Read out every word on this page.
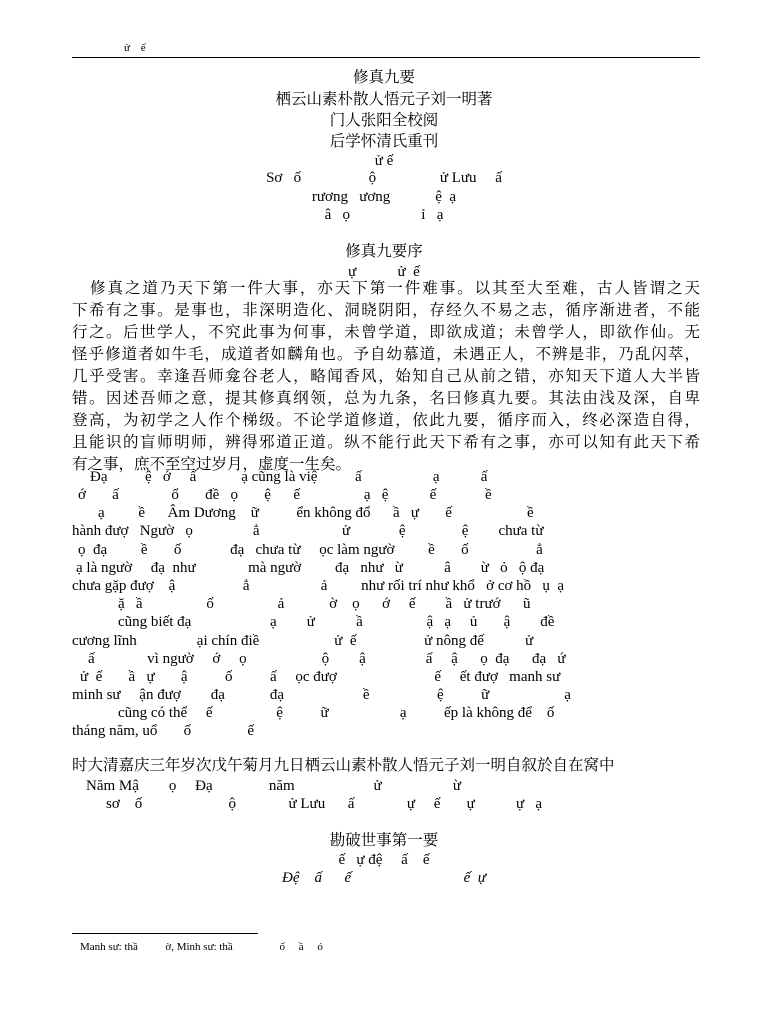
ử ế
修真九要
栖云山素朴散人悟元子刘一明著
门人张阳全校阅
后学怀清氏重刊
ử ế
Sơ   ố                  ộ                 ử Lưu     ấ
rương   ương            ệ  ạ
â   ọ                   ỉ   ạ
修真九要序
ự           ử  ế
修真之道乃天下第一件大事，亦天下第一件难事。以其至大至难，古人皆谓之天
下希有之事。是事也，非深明造化、洞晓阴阳，存经久不易之志，循序渐进者，不能
行之。后世学人，不究此事为何事，未曾学道，即欲成道；未曾学人，即欲作仙。无
怪乎修道者如牛毛，成道者如麟角也。予自幼慕道，未遇正人，不辨是非，乃乱闪萃，
几乎受害。幸逢吾师龛谷老人，略闻香风，始知自己从前之错，亦知天下道人大半皆
错。因述吾师之意，提其修真纲领，总为九条，名曰修真九要。其法由浅及深，自卑
登高，为初学之人作个梯级。不论学道修道，依此九要，循序而入，终必深造自得，
且能识的盲师明师，辨得邪道正道。纵不能行此天下希有之事，亦可以知有此天下希
有之事，庶不至空过岁月，虚度一生矣。
Đạ          ệ   ớ     ấ            ạ cũng là việ          ấ                   ạ           ấ
ớ       ấ              ổ       đề   ọ       ệ      ế                 ạ   ệ           ế             ề
ạ         ề      Âm Dương    ữ          ển không đổ      ầ   ự       ế                    ề
hành đượ   Ngườ   ọ                ẳ                      ử             ệ               ệ        chưa từ
ọ  đạ         ề       ố             đạ   chưa từ     ọc làm ngườ         ề       ố                  ẳ
ạ là ngườ     đạ  như              mà ngườ         đạ   như   ừ           â        ừ   ỏ   ộ đạ
chưa gặp đượ    ậ                  ẳ                   ả         như rối trí như khổ   ở cơ hồ   ụ  ạ
ặ   ầ                 ố                 ả            ờ    ọ      ớ     ế        ầ   ử trướ      ũ
cũng biết đạ                     ạ        ử           ầ                 ậ   ạ     ủ       ậ        đề
cương lĩnh                ại chín điề                    ử  ế                  ử nông đế           ử
ấ              vì ngườ     ớ     ọ                    ộ        ậ                ấ     ậ      ọ  đạ      đạ   ứ
ử  ế       ầ   ự       ậ          ố          ấ     ọc đượ                          ế     ết đượ   manh sư
minh sư     ận đượ        đạ            đạ                     ề                  ệ          ữ                    ạ
cũng có thể     ế                 ệ          ữ                   ạ          ếp là không để    ố
tháng năm, uổ       ố               ế
时大清嘉庆三年岁次戊午菊月九日栖云山素朴散人悟元子刘一明自叙於自在窝中
Năm Mậ        ọ     Đạ               năm                     ử                   ừ
sơ    ố                       ộ              ử Lưu      ấ              ự     ế       ự           ự   ạ
勘破世事第一要
ế   ự đệ     ấ    ế
Đệ    ấ      ế                              ế  ự
Manh sư: thầ          ờ, Minh sư: thầ                 ố     ầ     ó
